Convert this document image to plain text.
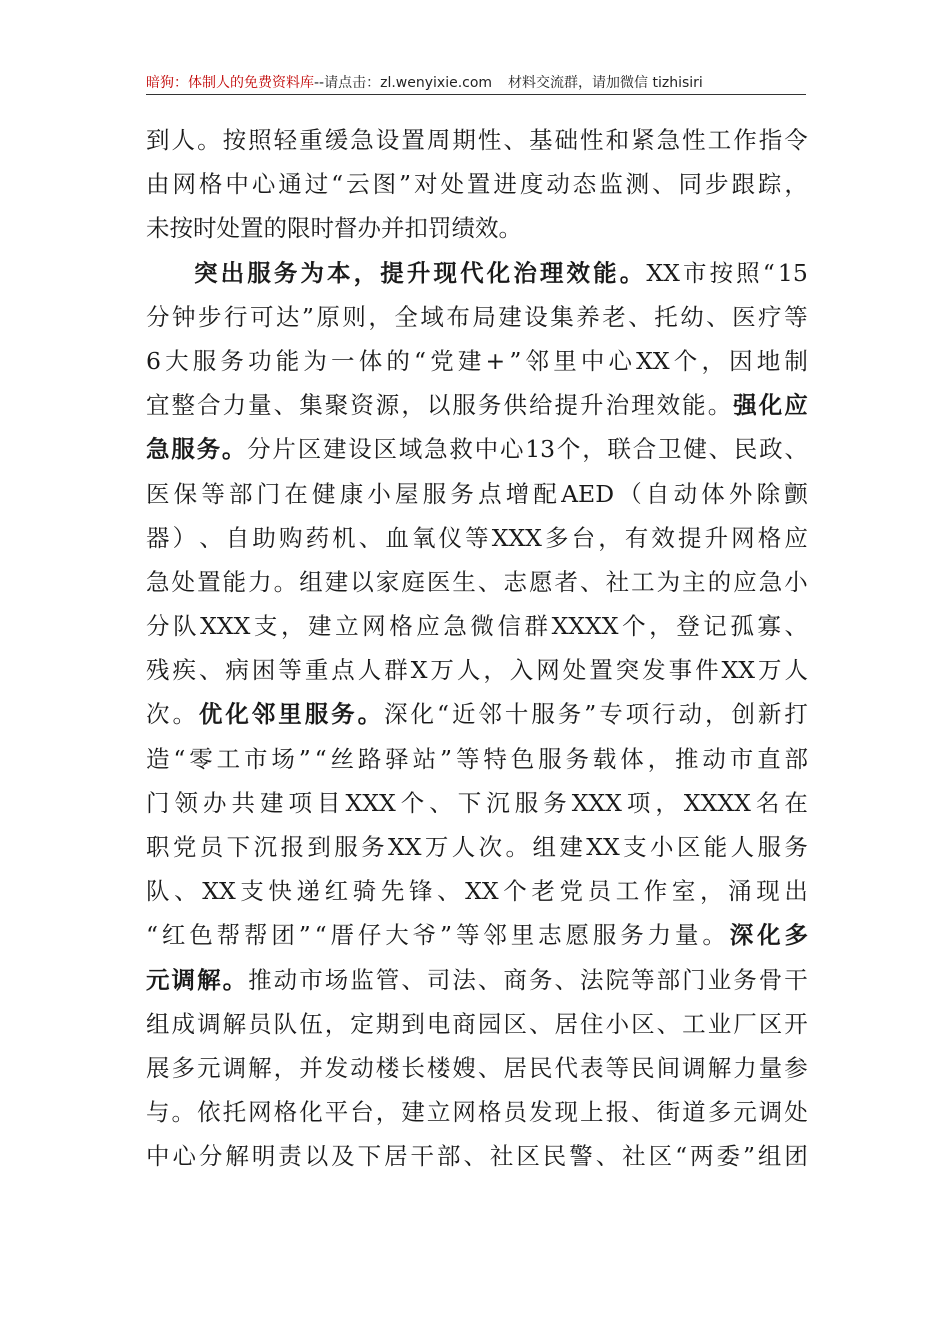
暗狗：体制人的免费资料库 --请点击：zl.wenyixie.com 材料交流群，请加微信 tizhisiri
到 人 。 按 照 轻 重 缓 急 设 置 周 期 性 、 基 础 性 和 紧 急 性 工 作 指 令
由 网 格 中 心 通 过 “ 云 图 ” 对 处 置 进 度 动 态 监 测 、 同 步 跟 踪 ，
未 按 时 处 置 的 限 时 督 办 并 扣 罚 绩 效 。
突 出 服 务 为 本 ， 提 升 现 代 化 治 理 效 能 。 XX 市 按 照 “ 15
分 钟 步 行 可 达 ” 原 则 ， 全 域 布 局 建 设 集 养 老 、 托 幼 、 医 疗 等
6 大 服 务 功 能 为 一 体 的 “ 党 建 + ” 邻 里 中 心 XX 个 ， 因 地 制
宜 整 合 力 量 、 集 聚 资 源 ， 以 服 务 供 给 提 升 治 理 效 能 。 强 化 应
急 服 务 。 分 片 区 建 设 区 域 急 救 中 心 13 个 ， 联 合 卫 健 、 民 政 、
医 保 等 部 门 在 健 康 小 屋 服 务 点 增 配 AED （ 自 动 体 外 除 颤
器 ） 、 自 助 购 药 机 、 血 氧 仪 等 XXX 多 台 ， 有 效 提 升 网 格 应
急 处 置 能 力 。 组 建 以 家 庭 医 生 、 志 愿 者 、 社 工 为 主 的 应 急 小
分 队 XXX 支 ， 建 立 网 格 应 急 微 信 群 XXXX 个 ， 登 记 孤 寡 、
残 疾 、 病 困 等 重 点 人 群 X 万 人 ， 入 网 处 置 突 发 事 件 XX 万 人
次 。 优 化 邻 里 服 务 。 深 化 “ 近 邻 十 服 务 ” 专 项 行 动 ， 创 新 打
造 “ 零 工 市 场 ” “ 丝 路 驿 站 ” 等 特 色 服 务 载 体 ， 推 动 市 直 部
门 领 办 共 建 项 目 XXX 个 、 下 沉 服 务 XXX 项 ， XXXX 名 在
职 党 员 下 沉 报 到 服 务 XX 万 人 次 。 组 建 XX 支 小 区 能 人 服 务
队 、 XX 支 快 递 红 骑 先 锋 、 XX 个 老 党 员 工 作 室 ， 涌 现 出
“ 红 色 帮 帮 团 ” “ 厝 仔 大 爷 ” 等 邻 里 志 愿 服 务 力 量 。 深 化 多
元 调 解 。 推 动 市 场 监 管 、 司 法 、 商 务 、 法 院 等 部 门 业 务 骨 干
组 成 调 解 员 队 伍 ， 定 期 到 电 商 园 区 、 居 住 小 区 、 工 业 厂 区 开
展 多 元 调 解 ， 并 发 动 楼 长 楼 嫂 、 居 民 代 表 等 民 间 调 解 力 量 参
与 。 依 托 网 格 化 平 台 ， 建 立 网 格 员 发 现 上 报 、 街 道 多 元 调 处
中 心 分 解 明 责 以 及 下 居 干 部 、 社 区 民 警 、 社 区 “ 两 委 ” 组 团
